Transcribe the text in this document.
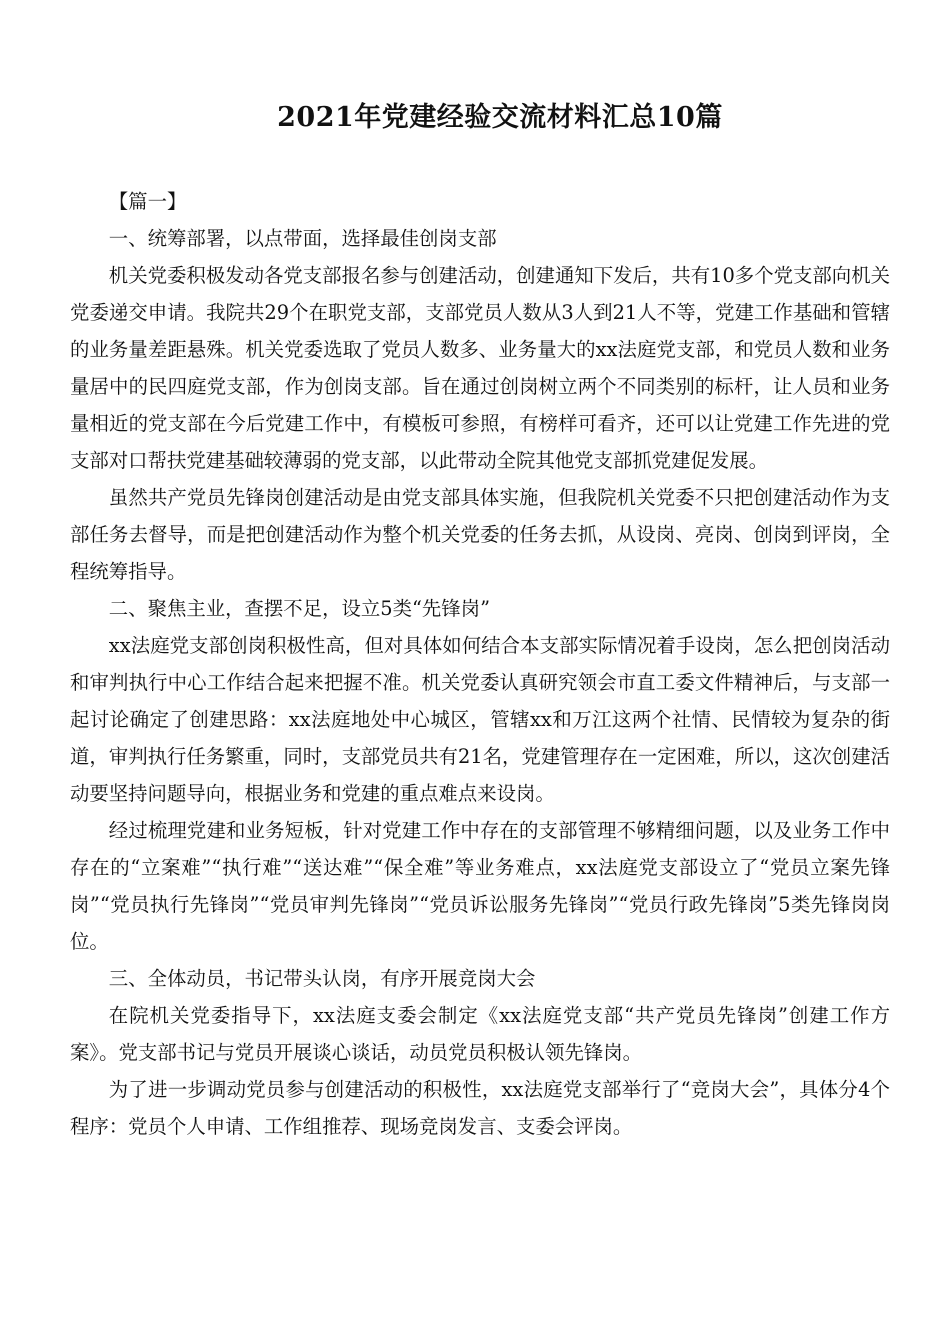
2021年党建经验交流材料汇总10篇

【篇一】

一、统筹部署，以点带面，选择最佳创岗支部

机关党委积极发动各党支部报名参与创建活动，创建通知下发后，共有10多个党支部向机关党委递交申请。我院共29个在职党支部，支部党员人数从3人到21人不等，党建工作基础和管辖的业务量差距悬殊。机关党委选取了党员人数多、业务量大的xx法庭党支部，和党员人数和业务量居中的民四庭党支部，作为创岗支部。旨在通过创岗树立两个不同类别的标杆，让人员和业务量相近的党支部在今后党建工作中，有模板可参照，有榜样可看齐，还可以让党建工作先进的党支部对口帮扶党建基础较薄弱的党支部，以此带动全院其他党支部抓党建促发展。

虽然共产党员先锋岗创建活动是由党支部具体实施，但我院机关党委不只把创建活动作为支部任务去督导，而是把创建活动作为整个机关党委的任务去抓，从设岗、亮岗、创岗到评岗，全程统筹指导。

二、聚焦主业，查摆不足，设立5类“先锋岗”

xx法庭党支部创岗积极性高，但对具体如何结合本支部实际情况着手设岗，怎么把创岗活动和审判执行中心工作结合起来把握不准。机关党委认真研究领会市直工委文件精神后，与支部一起讨论确定了创建思路：xx法庭地处中心城区，管辖xx和万江这两个社情、民情较为复杂的街道，审判执行任务繁重，同时，支部党员共有21名，党建管理存在一定困难，所以，这次创建活动要坚持问题导向，根据业务和党建的重点难点来设岗。

经过梳理党建和业务短板，针对党建工作中存在的支部管理不够精细问题，以及业务工作中存在的“立案难”“执行难”“送达难”“保全难”等业务难点，xx法庭党支部设立了“党员立案先锋岗”“党员执行先锋岗”“党员审判先锋岗”“党员诉讼服务先锋岗”“党员行政先锋岗”5类先锋岗岗位。

三、全体动员，书记带头认岗，有序开展竞岗大会

在院机关党委指导下，xx法庭支委会制定《xx法庭党支部“共产党员先锋岗”创建工作方案》。党支部书记与党员开展谈心谈话，动员党员积极认领先锋岗。

为了进一步调动党员参与创建活动的积极性，xx法庭党支部举行了“竞岗大会”，具体分4个程序：党员个人申请、工作组推荐、现场竞岗发言、支委会评岗。
